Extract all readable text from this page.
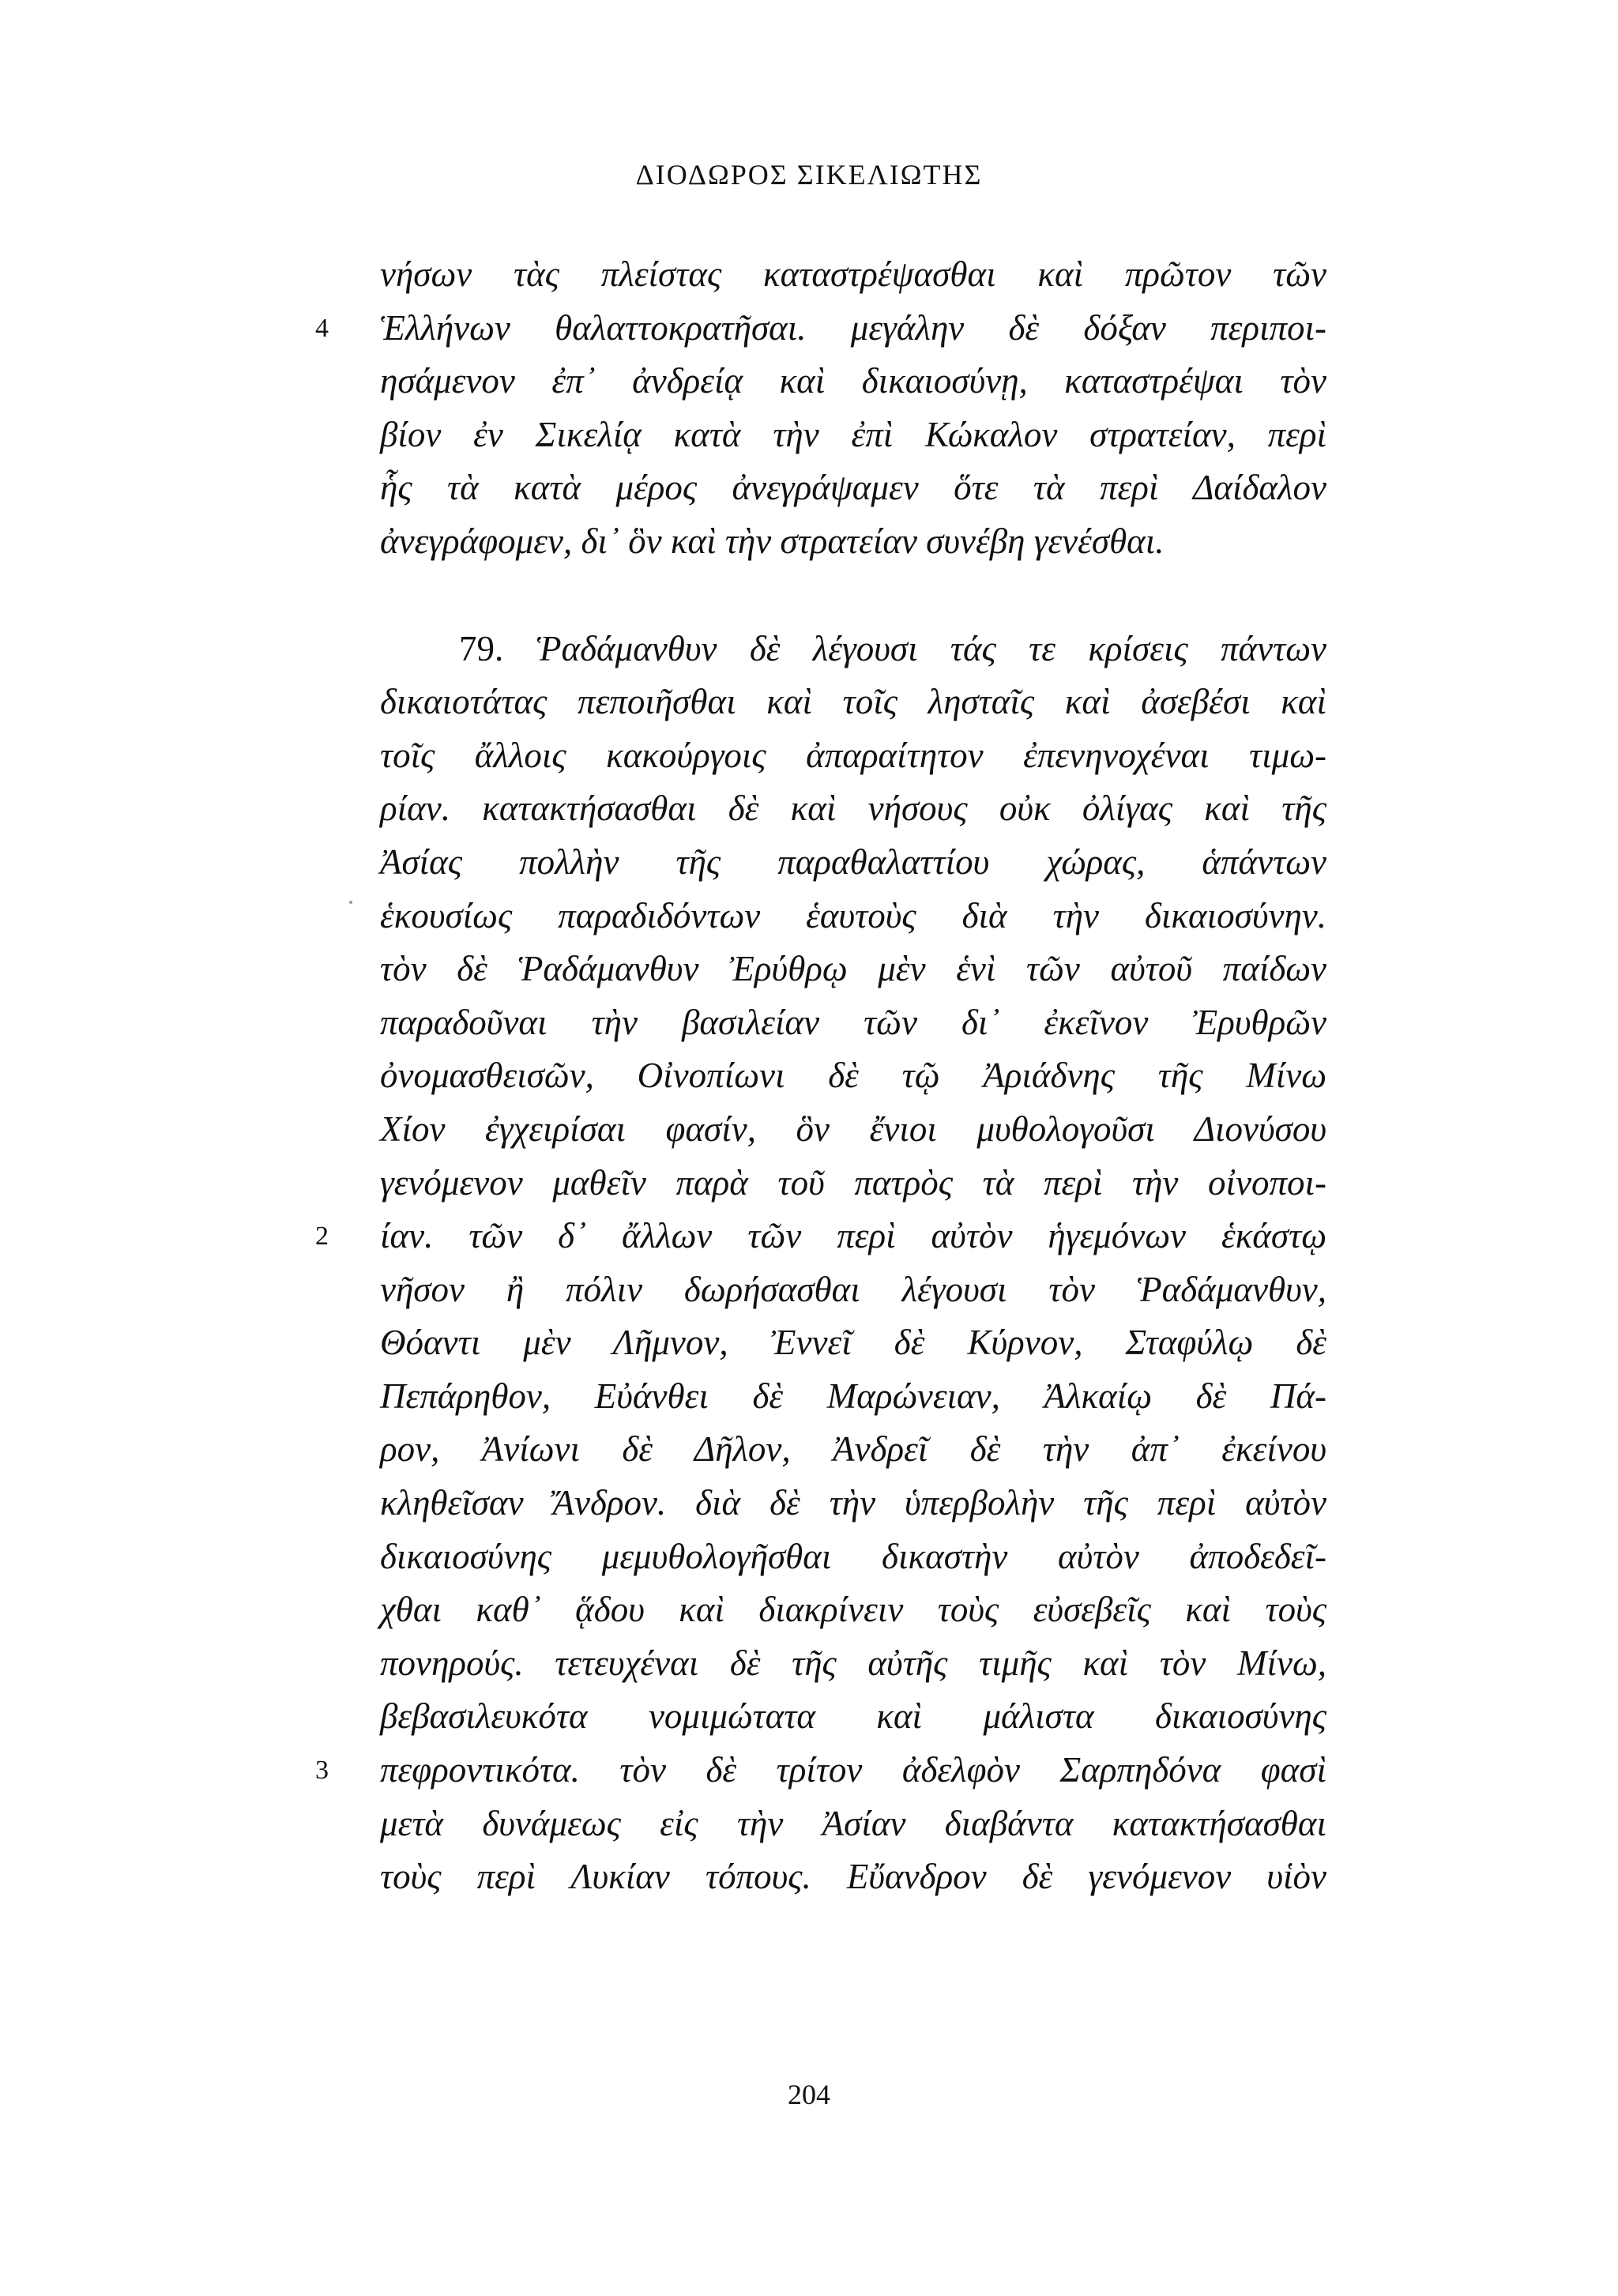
ΔΙΟΔΩΡΟΣ ΣΙΚΕΛΙΩΤΗΣ
νήσων τὰς πλείστας καταστρέψασθαι καὶ πρῶτον τῶν
4 Ἑλλήνων θαλαττοκρατῆσαι. μεγάλην δὲ δόξαν περιποι-
ησάμενον ἐπ᾽ ἀνδρείᾳ καὶ δικαιοσύνῃ, καταστρέψαι τὸν
βίον ἐν Σικελίᾳ κατὰ τὴν ἐπὶ Κώκαλον στρατείαν, περὶ
ἧς τὰ κατὰ μέρος ἀνεγράψαμεν ὅτε τὰ περὶ Δαίδαλον
ἀνεγράφομεν, δι᾽ ὃν καὶ τὴν στρατείαν συνέβη γενέσθαι.
79. Ῥαδάμανθυν δὲ λέγουσι τάς τε κρίσεις πάντων
δικαιοτάτας πεποιῆσθαι καὶ τοῖς λησταῖς καὶ ἀσεβέσι καὶ
τοῖς ἄλλοις κακούργοις ἀπαραίτητον ἐπενηνοχέναι τιμω-
ρίαν. κατακτήσασθαι δὲ καὶ νήσους οὐκ ὀλίγας καὶ τῆς
Ἀσίας πολλὴν τῆς παραθαλαττίου χώρας, ἁπάντων
ἑκουσίως παραδιδόντων ἑαυτοὺς διὰ τὴν δικαιοσύνην.
τὸν δὲ Ῥαδάμανθυν Ἐρύθρῳ μὲν ἑνὶ τῶν αὐτοῦ παίδων
παραδοῦναι τὴν βασιλείαν τῶν δι᾽ ἐκεῖνον Ἐρυθρῶν
ὀνομασθεισῶν, Οἰνοπίωνι δὲ τῷ Ἀριάδνης τῆς Μίνω
Χίον ἐγχειρίσαι φασίν, ὃν ἔνιοι μυθολογοῦσι Διονύσου
γενόμενον μαθεῖν παρὰ τοῦ πατρὸς τὰ περὶ τὴν οἰνοποι-
2 ίαν. τῶν δ᾽ ἄλλων τῶν περὶ αὐτὸν ἡγεμόνων ἑκάστῳ
νῆσον ἢ πόλιν δωρήσασθαι λέγουσι τὸν Ῥαδάμανθυν,
Θόαντι μὲν Λῆμνον, Ἐννεῖ δὲ Κύρνον, Σταφύλῳ δὲ
Πεπάρηθον, Εὐάνθει δὲ Μαρώνειαν, Ἀλκαίῳ δὲ Πά-
ρον, Ἀνίωνι δὲ Δῆλον, Ἀνδρεῖ δὲ τὴν ἀπ᾽ ἐκείνου
κληθεῖσαν Ἄνδρον. διὰ δὲ τὴν ὑπερβολὴν τῆς περὶ αὐτὸν
δικαιοσύνης μεμυθολογῆσθαι δικαστὴν αὐτὸν ἀποδεδεῖ-
χθαι καθ᾽ ᾅδου καὶ διακρίνειν τοὺς εὐσεβεῖς καὶ τοὺς
πονηρούς. τετευχέναι δὲ τῆς αὐτῆς τιμῆς καὶ τὸν Μίνω,
βεβασιλευκότα νομιμώτατα καὶ μάλιστα δικαιοσύνης
3 πεφροντικότα. τὸν δὲ τρίτον ἀδελφὸν Σαρπηδόνα φασὶ
μετὰ δυνάμεως εἰς τὴν Ἀσίαν διαβάντα κατακτήσασθαι
τοὺς περὶ Λυκίαν τόπους. Εὔανδρον δὲ γενόμενον υἱὸν
204
